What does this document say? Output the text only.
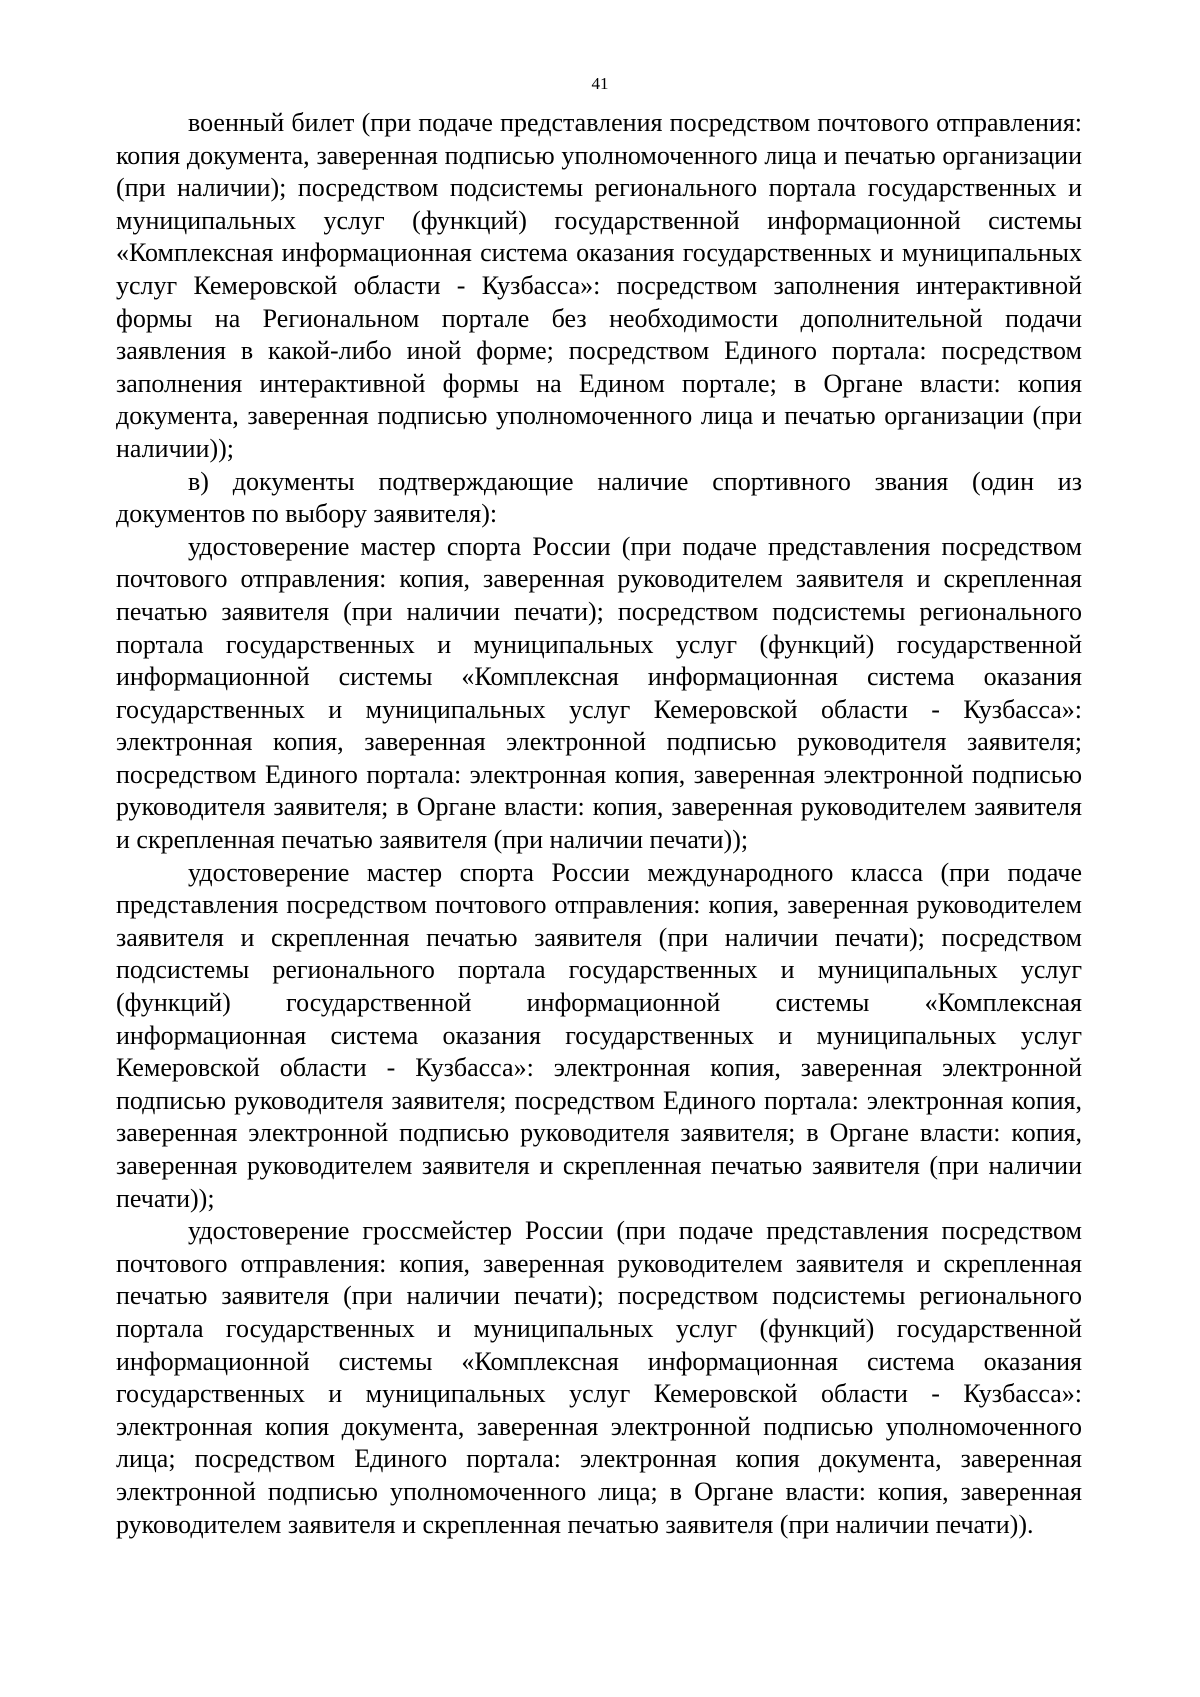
41

военный билет (при подаче представления посредством почтового отправления: копия документа, заверенная подписью уполномоченного лица и печатью организации (при наличии); посредством подсистемы регионального портала государственных и муниципальных услуг (функций) государственной информационной системы «Комплексная информационная система оказания государственных и муниципальных услуг Кемеровской области - Кузбасса»: посредством заполнения интерактивной формы на Региональном портале без необходимости дополнительной подачи заявления в какой-либо иной форме; посредством Единого портала: посредством заполнения интерактивной формы на Едином портале; в Органе власти: копия документа, заверенная подписью уполномоченного лица и печатью организации (при наличии));

в) документы подтверждающие наличие спортивного звания (один из документов по выбору заявителя):

удостоверение мастер спорта России (при подаче представления посредством почтового отправления: копия, заверенная руководителем заявителя и скрепленная печатью заявителя (при наличии печати); посредством подсистемы регионального портала государственных и муниципальных услуг (функций) государственной информационной системы «Комплексная информационная система оказания государственных и муниципальных услуг Кемеровской области - Кузбасса»: электронная копия, заверенная электронной подписью руководителя заявителя; посредством Единого портала: электронная копия, заверенная электронной подписью руководителя заявителя; в Органе власти: копия, заверенная руководителем заявителя и скрепленная печатью заявителя (при наличии печати));

удостоверение мастер спорта России международного класса (при подаче представления посредством почтового отправления: копия, заверенная руководителем заявителя и скрепленная печатью заявителя (при наличии печати); посредством подсистемы регионального портала государственных и муниципальных услуг (функций) государственной информационной системы «Комплексная информационная система оказания государственных и муниципальных услуг Кемеровской области - Кузбасса»: электронная копия, заверенная электронной подписью руководителя заявителя; посредством Единого портала: электронная копия, заверенная электронной подписью руководителя заявителя; в Органе власти: копия, заверенная руководителем заявителя и скрепленная печатью заявителя (при наличии печати));

удостоверение гроссмейстер России (при подаче представления посредством почтового отправления: копия, заверенная руководителем заявителя и скрепленная печатью заявителя (при наличии печати); посредством подсистемы регионального портала государственных и муниципальных услуг (функций) государственной информационной системы «Комплексная информационная система оказания государственных и муниципальных услуг Кемеровской области - Кузбасса»: электронная копия документа, заверенная электронной подписью уполномоченного лица; посредством Единого портала: электронная копия документа, заверенная электронной подписью уполномоченного лица; в Органе власти: копия, заверенная руководителем заявителя и скрепленная печатью заявителя (при наличии печати)).
